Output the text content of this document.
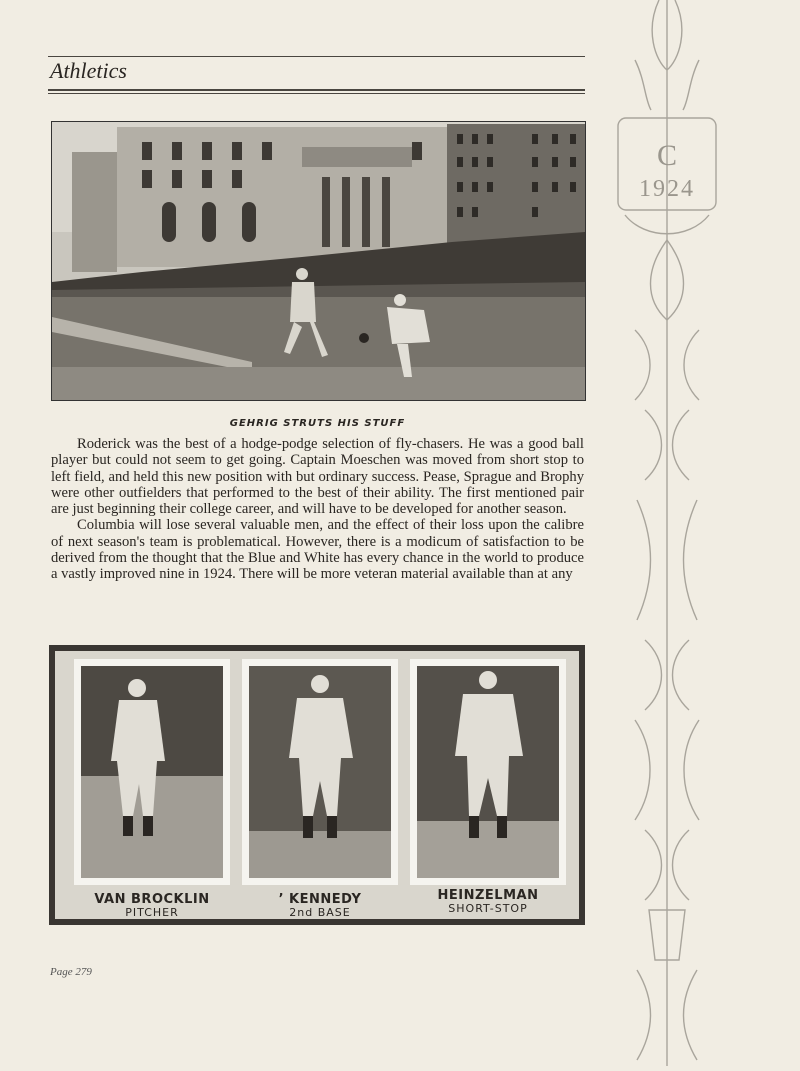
Athletics
GEHRIG STRUTS HIS STUFF

Roderick was the best of a hodge-podge selection of fly-chasers. He was a good ball player but could not seem to get going. Captain Moeschen was moved from short stop to left field, and held this new position with but ordinary success. Pease, Sprague and Brophy were other outfielders that performed to the best of their ability. The first mentioned pair are just beginning their college career, and will have to be developed for another season.

Columbia will lose several valuable men, and the effect of their loss upon the calibre of next season's team is problematical. However, there is a modicum of satisfaction to be derived from the thought that the Blue and White has every chance in the world to produce a vastly improved nine in 1924. There will be more veteran material available than at any

VAN BROCKLIN
PITCHER
’ KENNEDY
2nd BASE
HEINZELMAN
SHORT-STOP
Page 279
C
1924
